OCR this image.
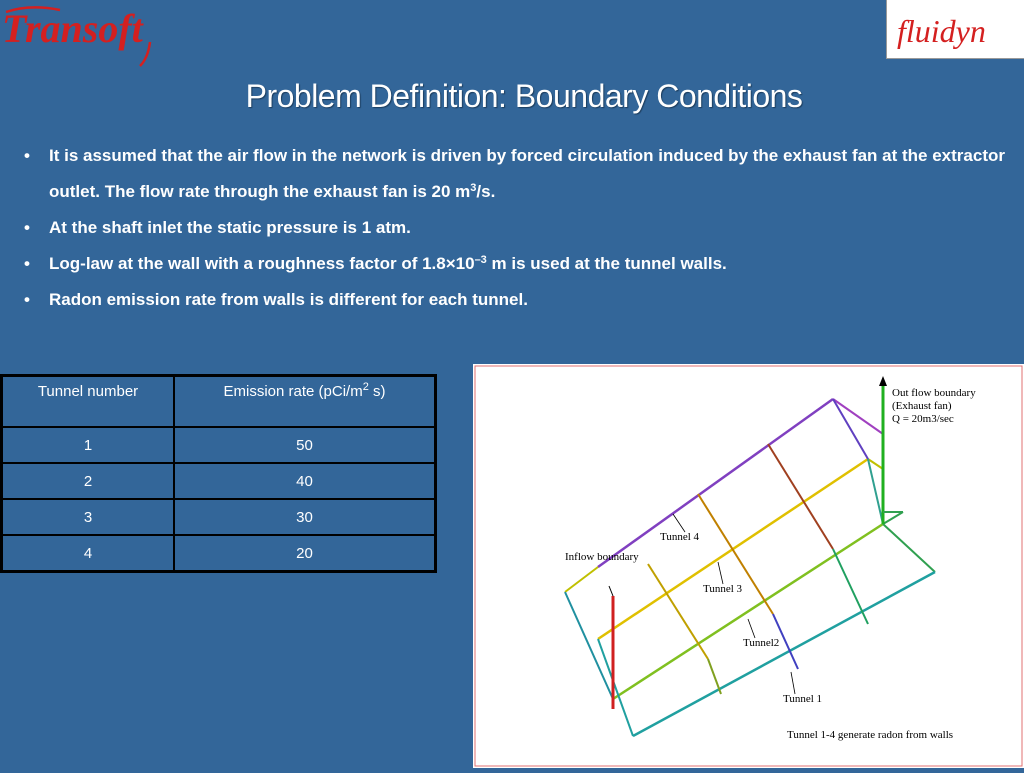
Transoft	fluidyn
Problem Definition: Boundary Conditions
• It is assumed that the air flow in the network is driven by forced circulation induced by the exhaust fan at the extractor outlet. The flow rate through the exhaust fan is 20 $m^3/s$.
• At the shaft inlet the static pressure is 1 atm.
• Log-law at the wall with a roughness factor of $1.8\times 10^{-3}$ m is used at the tunnel walls.
• Radon emission rate from walls is different for each tunnel.
Tunnel number	Emission rate ($pCi/m^2$ s)
1	50
2	40
3	30
4	20
Out flow boundary
(Exhaust fan)
Q = 20m3/sec
Inflow boundary
Tunnel 4
Tunnel 3
Tunnel2
Tunnel 1
Tunnel 1-4 generate radon from walls
